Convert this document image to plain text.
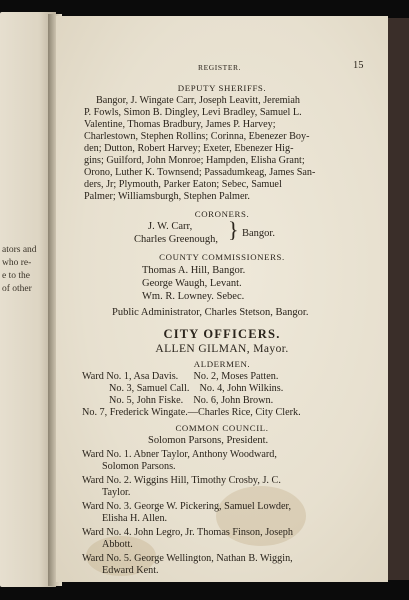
ators and
who re-
e to the
of other
REGISTER.	15
DEPUTY SHERIFFS.
Bangor, J. Wingate Carr, Joseph Leavitt, Jeremiah
P. Fowls, Simon B. Dingley, Levi Bradley, Samuel L.
Valentine, Thomas Bradbury, James P. Harvey;
Charlestown, Stephen Rollins; Corinna, Ebenezer Boy-
den; Dutton, Robert Harvey; Exeter, Ebenezer Hig-
gins; Guilford, John Monroe; Hampden, Elisha Grant;
Orono, Luther K. Townsend; Passadumkeag, James San-
ders, Jr; Plymouth, Parker Eaton; Sebec, Samuel
Palmer; Williamsburgh, Stephen Palmer.
CORONERS.
J. W. Carr,
Charles Greenough, } Bangor.
COUNTY COMMISSIONERS.
Thomas A. Hill, Bangor.
George Waugh, Levant.
Wm. R. Lowney. Sebec.
Public Administrator, Charles Stetson, Bangor.
CITY OFFICERS.
ALLEN GILMAN, Mayor.
ALDERMEN.
Ward No. 1, Asa Davis.      No. 2, Moses Patten.
No. 3, Samuel Call.    No. 4, John Wilkins.
No. 5, John Fiske.    No. 6, John Brown.
No. 7, Frederick Wingate.—Charles Rice, City Clerk.
COMMON COUNCIL.
Solomon Parsons, President.
Ward No. 1. Abner Taylor, Anthony Woodward,
Solomon Parsons.
Ward No. 2. Wiggins Hill, Timothy Crosby, J. C.
Taylor.
Ward No. 3. George W. Pickering, Samuel Lowder,
Elisha H. Allen.
Ward No. 4. John Legro, Jr. Thomas Finson, Joseph
Abbott.
Ward No. 5. George Wellington, Nathan B. Wiggin,
Edward Kent.
